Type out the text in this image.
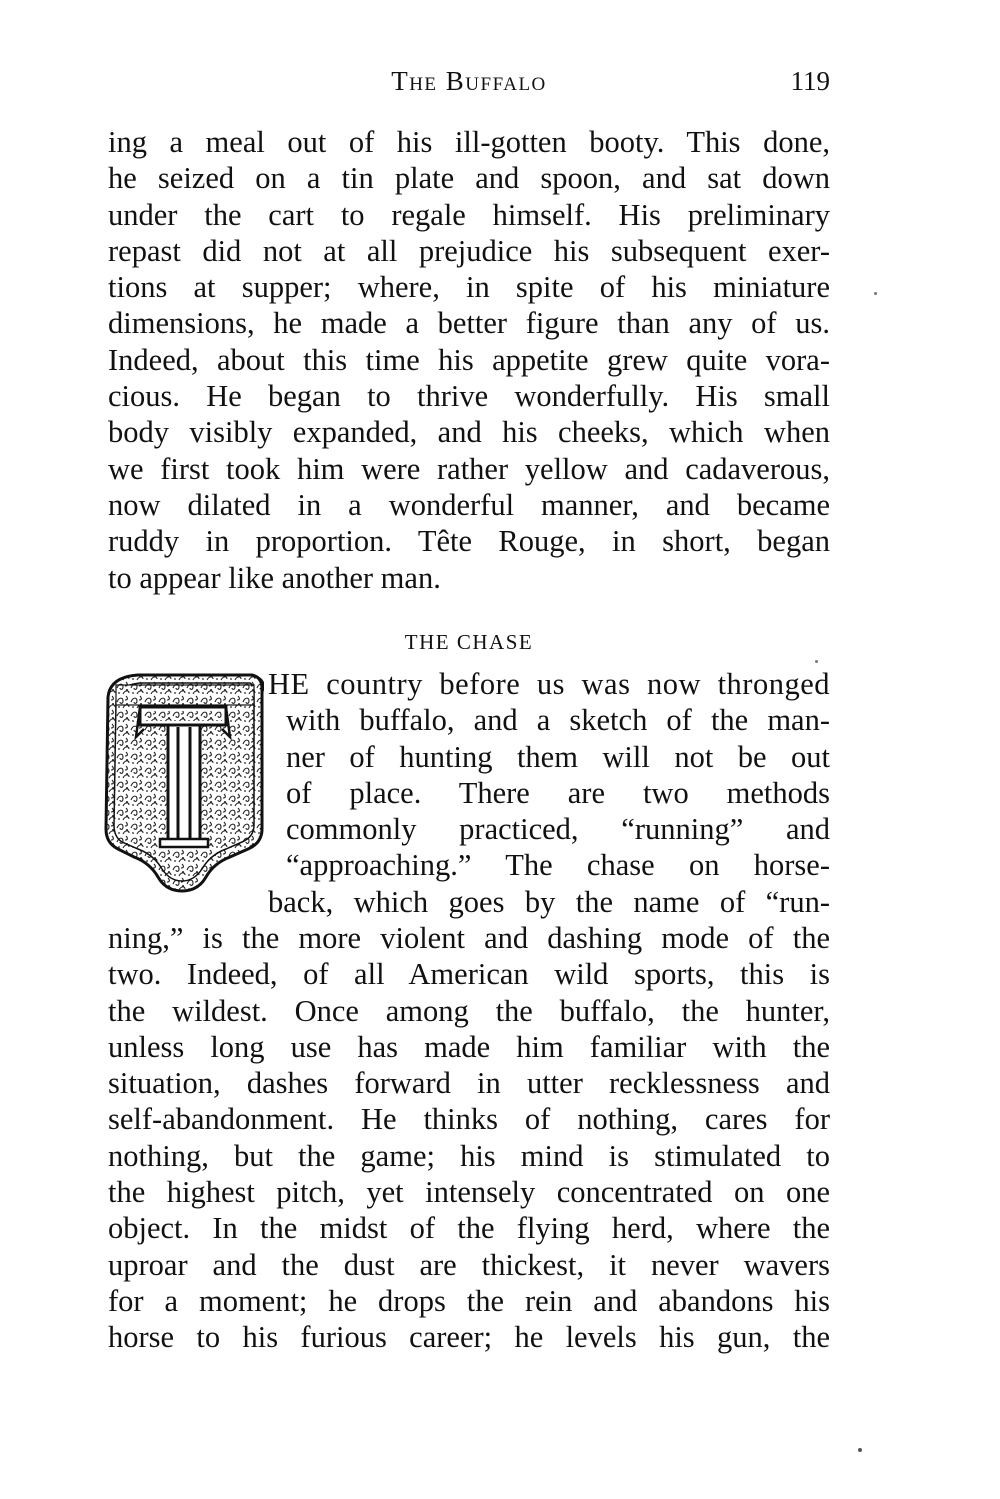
The Buffalo	119
ing a meal out of his ill-gotten booty. This done,
he seized on a tin plate and spoon, and sat down
under the cart to regale himself. His preliminary
repast did not at all prejudice his subsequent exer-
tions at supper; where, in spite of his miniature
dimensions, he made a better figure than any of us.
Indeed, about this time his appetite grew quite vora-
cious. He began to thrive wonderfully. His small
body visibly expanded, and his cheeks, which when
we first took him were rather yellow and cadaverous,
now dilated in a wonderful manner, and became
ruddy in proportion. Tête Rouge, in short, began
to appear like another man.
THE CHASE
HE country before us was now thronged
with buffalo, and a sketch of the man-
ner of hunting them will not be out
of place. There are two methods
commonly practiced, “running” and
“approaching.” The chase on horse-
back, which goes by the name of “run-
ning,” is the more violent and dashing mode of the
two. Indeed, of all American wild sports, this is
the wildest. Once among the buffalo, the hunter,
unless long use has made him familiar with the
situation, dashes forward in utter recklessness and
self-abandonment. He thinks of nothing, cares for
nothing, but the game; his mind is stimulated to
the highest pitch, yet intensely concentrated on one
object. In the midst of the flying herd, where the
uproar and the dust are thickest, it never wavers
for a moment; he drops the rein and abandons his
horse to his furious career; he levels his gun, the
